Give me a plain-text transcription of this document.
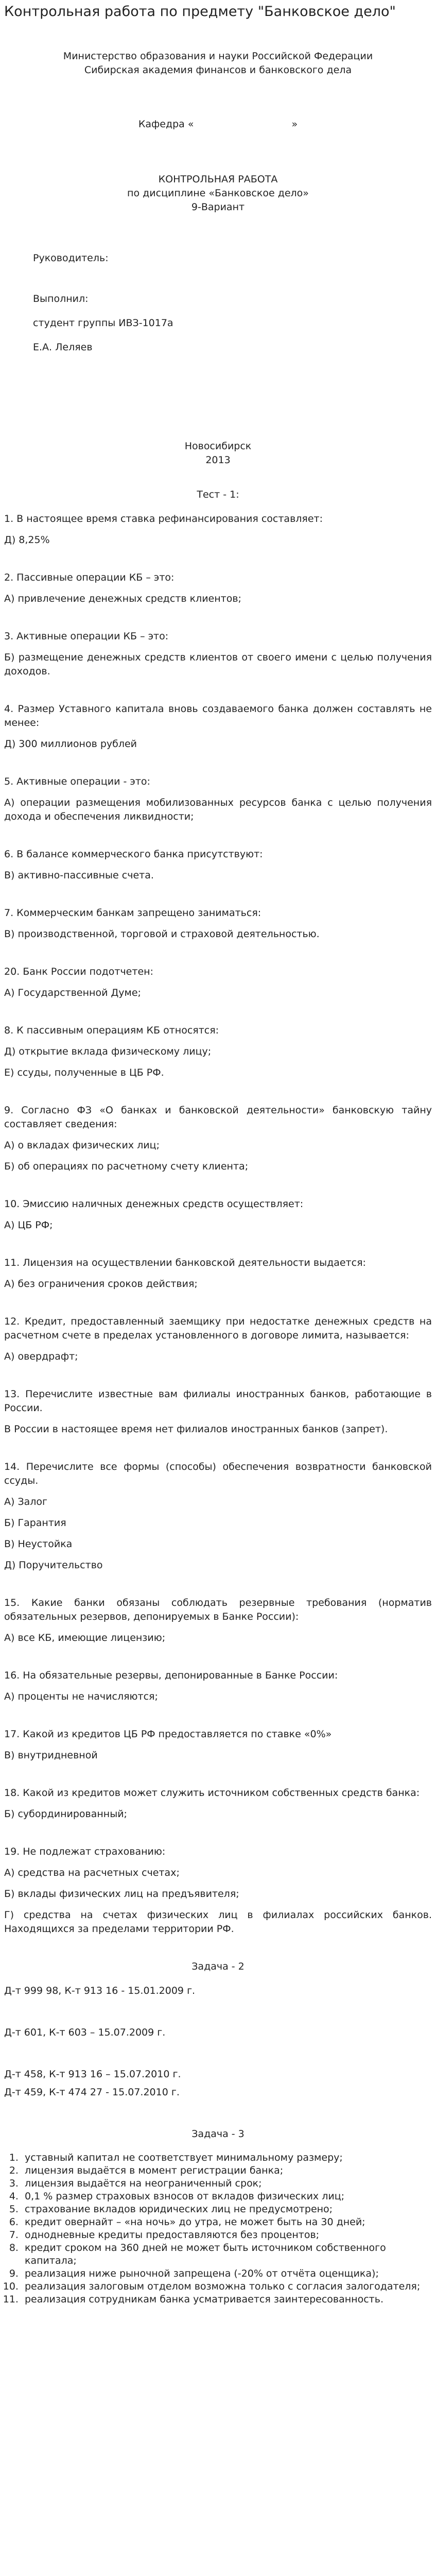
Контрольная работа по предмету "Банковское дело"

Министерство образования и науки Российской Федерации

Сибирская академия финансов и банковского дела

Кафедра «	»

КОНТРОЛЬНАЯ РАБОТА

по дисциплине «Банковское дело»

9-Вариант

Руководитель:

Выполнил:

студент группы ИВЗ-1017а

Е.А. Леляев

Новосибирск

2013

Тест - 1:

1. В настоящее время ставка рефинансирования составляет:

Д) 8,25%

2. Пассивные операции КБ – это:

А) привлечение денежных средств клиентов;

3. Активные операции КБ – это:

Б) размещение денежных средств клиентов от своего имени с целью получения доходов.

4. Размер Уставного капитала вновь создаваемого банка должен составлять не менее:

Д) 300 миллионов рублей

5. Активные операции - это:

А) операции размещения мобилизованных ресурсов банка с целью получения дохода и обеспечения ликвидности;

6. В балансе коммерческого банка присутствуют:

В) активно-пассивные счета.

7. Коммерческим банкам запрещено заниматься:

В) производственной, торговой и страховой деятельностью.

20. Банк России подотчетен:

А) Государственной Думе;

8. К пассивным операциям КБ относятся:

Д) открытие вклада физическому лицу;

Е) ссуды, полученные в ЦБ РФ.

9. Согласно ФЗ «О банках и банковской деятельности» банковскую тайну составляет сведения:

А) о вкладах физических лиц;

Б) об операциях по расчетному счету клиента;

10. Эмиссию наличных денежных средств осуществляет:

А) ЦБ РФ;

11. Лицензия на осуществлении банковской деятельности выдается:

А) без ограничения сроков действия;

12. Кредит, предоставленный заемщику при недостатке денежных средств на расчетном счете в пределах установленного в договоре лимита, называется:

А) овердрафт;

13. Перечислите известные вам филиалы иностранных банков, работающие в России.

В России в настоящее время нет филиалов иностранных банков (запрет).

14. Перечислите все формы (способы) обеспечения возвратности банковской ссуды.

А) Залог

Б) Гарантия

В) Неустойка

Д) Поручительство

15. Какие банки обязаны соблюдать резервные требования (норматив обязательных резервов, депонируемых в Банке России):

А) все КБ, имеющие лицензию;

16. На обязательные резервы, депонированные в Банке России:

А) проценты не начисляются;

17. Какой из кредитов ЦБ РФ предоставляется по ставке «0%»

В) внутридневной

18. Какой из кредитов может служить источником собственных средств банка:

Б) субординированный;

19. Не подлежат страхованию:

А) средства на расчетных счетах;

Б) вклады физических лиц на предъявителя;

Г) средства на счетах физических лиц в филиалах российских банков. Находящихся за пределами территории РФ.

Задача - 2

Д-т 999 98, К-т 913 16 - 15.01.2009 г.

Д-т 601, К-т 603 – 15.07.2009 г.

Д-т 458, К-т 913 16 – 15.07.2010 г.

Д-т 459, К-т 474 27 - 15.07.2010 г.

Задача - 3

1. уставный капитал не соответствует минимальному размеру;
2. лицензия выдаётся в момент регистрации банка;
3. лицензия выдаётся на неограниченный срок;
4. 0,1 % размер страховых взносов от вкладов физических лиц;
5. страхование вкладов юридических лиц не предусмотрено;
6. кредит овернайт – «на ночь» до утра, не может быть на 30 дней;
7. однодневные кредиты предоставляются без процентов;
8. кредит сроком на 360 дней не может быть источником собственного капитала;
9. реализация ниже рыночной запрещена (-20% от отчёта оценщика);
10. реализация залоговым отделом возможна только с согласия залогодателя;
11. реализация сотрудникам банка усматривается заинтересованность.
